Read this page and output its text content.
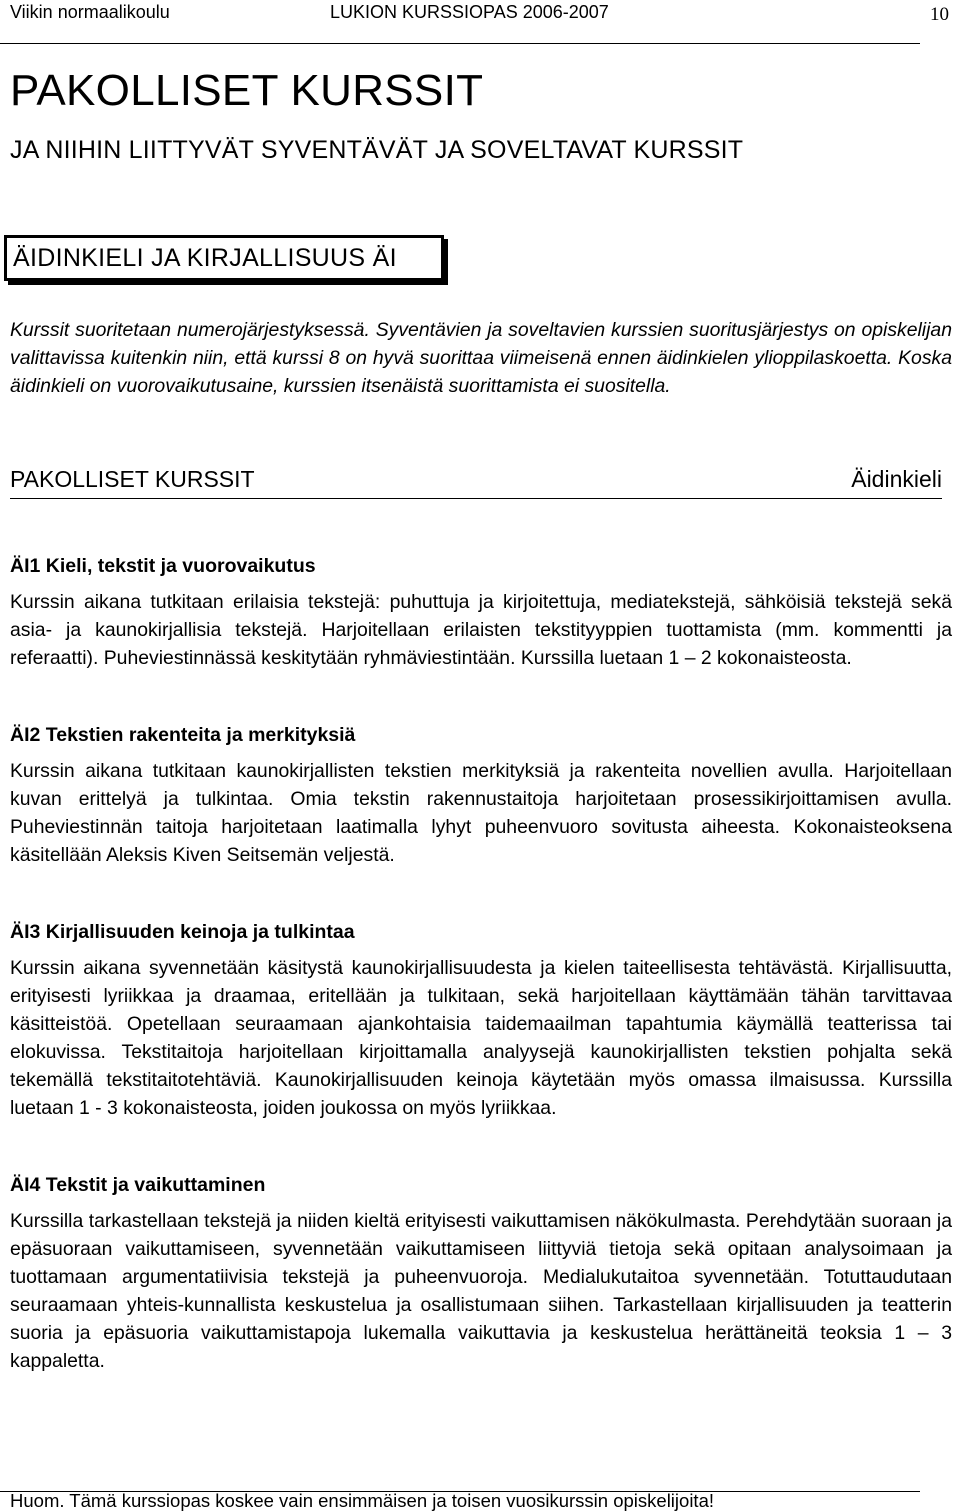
Viikin normaalikoulu	LUKION KURSSIOPAS 2006-2007	10
PAKOLLISET KURSSIT
JA NIIHIN LIITTYVÄT SYVENTÄVÄT JA SOVELTAVAT KURSSIT
ÄIDINKIELI JA KIRJALLISUUS ÄI
Kurssit suoritetaan numerojärjestyksessä. Syventävien ja soveltavien kurssien suoritusjärjestys on opiskelijan valittavissa kuitenkin niin, että kurssi 8 on hyvä suorittaa viimeisenä ennen äidinkielen ylioppilaskoetta. Koska äidinkieli on vuorovaikutusaine, kurssien itsenäistä suorittamista ei suositella.
PAKOLLISET KURSSIT	Äidinkieli
ÄI1 Kieli, tekstit ja vuorovaikutus
Kurssin aikana tutkitaan erilaisia tekstejä: puhuttuja ja kirjoitettuja, mediatekstejä, sähköisiä tekstejä sekä asia- ja kaunokirjallisia tekstejä. Harjoitellaan erilaisten tekstityyppien tuottamista (mm. kommentti ja referaatti). Puheviestinnässä keskitytään ryhmäviestintään. Kurssilla luetaan 1 – 2 kokonaisteosta.
ÄI2 Tekstien rakenteita ja merkityksiä
Kurssin aikana tutkitaan kaunokirjallisten tekstien merkityksiä ja rakenteita novellien avulla. Harjoitellaan kuvan erittelyä ja tulkintaa. Omia tekstin rakennustaitoja harjoitetaan prosessikirjoittamisen avulla. Puheviestinnän taitoja harjoitetaan laatimalla lyhyt puheenvuoro sovitusta aiheesta. Kokonaisteoksena käsitellään Aleksis Kiven Seitsemän veljestä.
ÄI3 Kirjallisuuden keinoja ja tulkintaa
Kurssin aikana syvennetään käsitystä kaunokirjallisuudesta ja kielen taiteellisesta tehtävästä. Kirjallisuutta, erityisesti lyriikkaa ja draamaa, eritellään ja tulkitaan, sekä harjoitellaan käyttämään tähän tarvittavaa käsitteistöä. Opetellaan seuraamaan ajankohtaisia taidemaailman tapahtumia käymällä teatterissa tai elokuvissa. Tekstitaitoja harjoitellaan kirjoittamalla analyysejä kaunokirjallisten tekstien pohjalta sekä tekemällä tekstitaitotehtäviä. Kaunokirjallisuuden keinoja käytetään myös omassa ilmaisussa. Kurssilla luetaan 1 - 3 kokonaisteosta, joiden joukossa on myös lyriikkaa.
ÄI4 Tekstit ja vaikuttaminen
Kurssilla tarkastellaan tekstejä ja niiden kieltä erityisesti vaikuttamisen näkökulmasta. Perehdytään suoraan ja epäsuoraan vaikuttamiseen, syvennetään vaikuttamiseen liittyviä tietoja sekä opitaan analysoimaan ja tuottamaan argumentatiivisia tekstejä ja puheenvuoroja. Medialukutaitoa syvennetään. Totuttaudutaan seuraamaan yhteis-kunnallista keskustelua ja osallistumaan siihen. Tarkastellaan kirjallisuuden ja teatterin suoria ja epäsuoria vaikuttamistapoja lukemalla vaikuttavia ja keskustelua herättäneitä teoksia 1 – 3 kappaletta.
Huom. Tämä kurssiopas koskee vain ensimmäisen ja toisen vuosikurssin opiskelijoita!
